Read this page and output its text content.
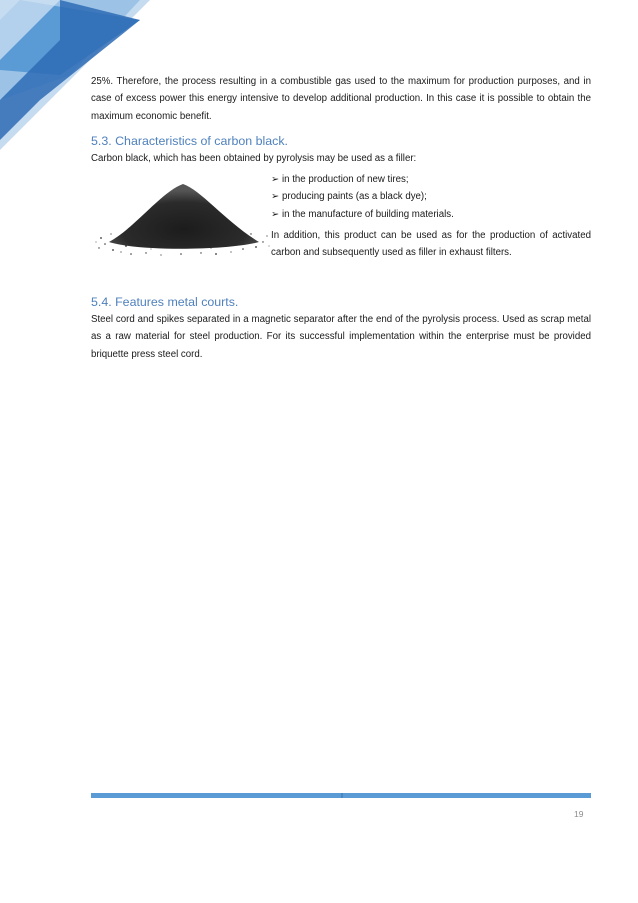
25%. Therefore, the process resulting in a combustible gas used to the maximum for production purposes, and in case of excess power this energy intensive to develop additional production. In this case it is possible to obtain the maximum economic benefit.

5.3. Characteristics of carbon black.

Carbon black, which has been obtained by pyrolysis may be used as a filler:

➢ in the production of new tires;
➢ producing paints (as a black dye);
➢ in the manufacture of building materials.

In addition, this product can be used as for the production of activated carbon and subsequently used as filler in exhaust filters.

5.4. Features metal courts.

Steel cord and spikes separated in a magnetic separator after the end of the pyrolysis process. Used as scrap metal as a raw material for steel production. For its successful implementation within the enterprise must be provided briquette press steel cord.

19
